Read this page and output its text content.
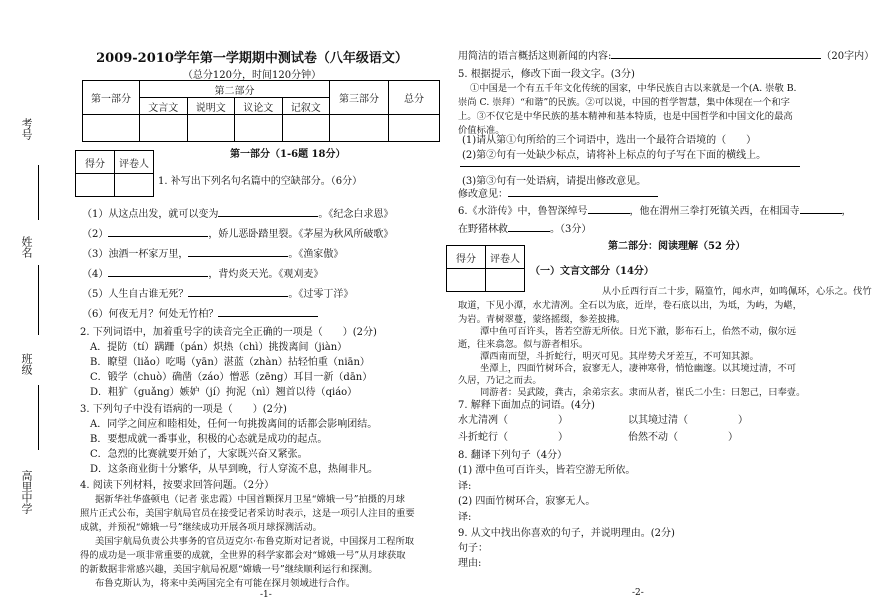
考号
姓名
班级
高里中学
2009-2010学年第一学期期中测试卷（八年级语文）
（总分120分，时间120分钟）
第一部分	第二部分				第三部分	总分
	文言文	说明文	议论文	记叙文		

第一部分（1-6题 18分）
得分	评卷人

1. 补写出下列名句名篇中的空缺部分。（6分）
（1）从这点出发，就可以变为	。《纪念白求恩》
（2）	，娇儿恶卧踏里裂。《茅屋为秋风所破歌》
（3）浊酒一杯家万里，	。《渔家傲》
（4）	，背灼炎天光。《观刈麦》
（5）人生自古谁无死？	。《过零丁洋》
（6）何夜无月？何处无竹柏？
2. 下列词语中，加着重号字的读音完全正确的一项是（　　）(2分)
A．提防（tí）蹒跚（pán）炽热（chì）挑拨离间（jiàn）
B．瞭望（liǎo）吃喝（yān）湛蓝（zhàn）拈轻怕重（niān）
C．锻学（chuò）确凿（záo）憎恶（zēng）耳目一新（dān）
D．粗犷（guǎng）嫉妒（jí）拘泥（nì）翘首以待（qiáo）
3. 下列句子中没有语病的一项是（　　）(2分)
A．同学之间应和睦相处，任何一句挑拨离间的话都会影响团结。
B．要想成就一番事业，积极的心态就是成功的起点。
C．急烈的比赛就要开始了，大家既兴奋又紧张。
D．这条商业街十分繁华，从早到晚，行人穿流不息，热闹非凡。
4. 阅读下列材料，按要求回答问题。（2分）
据新华社华盛顿电（记者 张忠霞）中国首颗探月卫星“嫦娥一号”拍摄的月球
照片正式公布，美国宇航局官员在接受记者采访时表示，这是一项引人注目的重要
成就，并预祝“嫦娥一号”继续成功开展各项月球探测活动。
美国宇航局负责公共事务的官员迈克尔·布鲁克斯对记者说，中国探月工程所取
得的成功是一项非常重要的成就，全世界的科学家都会对“嫦娥一号”从月球获取
的新数据非常感兴趣，美国宇航局祝愿“嫦娥一号”继续顺利运行和探测。
布鲁克斯认为，将来中美两国完全有可能在探月领域进行合作。
-1-
用简洁的语言概括这则新闻的内容:	（20字内）
5. 根据提示，修改下面一段文字。(3分)
①中国是一个有五千年文化传统的国家，中华民族自古以来就是一个(A. 崇敬 B.
崇尚 C. 崇拜）“和谐”的民族。②可以说，中国的哲学智慧，集中体现在一个和字
上。③不仅它是中华民族的基本精神和基本特质，也是中国哲学和中国文化的最高
价值标准。
(1)请从第①句所给的三个词语中，选出一个最符合语境的（　　）
(2)第②句有一处缺少标点，请将补上标点的句子写在下面的横线上。
(3)第③句有一处语病，请提出修改意见。
修改意见：
6.《水浒传》中，鲁智深绰号	，他在渭州三拳打死镇关西，在相国寺	，
在野猪林救	。（3分）
第二部分：阅读理解（52 分）
得分	评卷人

（一）文言文部分（14分）
从小丘西行百二十步，隔篁竹，闻水声，如鸣佩环，心乐之。伐竹
取道，下见小潭，水尤清冽。全石以为底，近岸，卷石底以出，为坻，为屿，为嵁，
为岩。青树翠蔓，蒙络摇缀，参差披拂。
潭中鱼可百许头，皆若空游无所依。日光下澈，影布石上，佁然不动，俶尔远
逝，往来翕忽。似与游者相乐。
潭西南而望，斗折蛇行，明灭可见。其岸势犬牙差互，不可知其源。
坐潭上，四面竹树环合，寂寥无人，凄神寒骨，悄怆幽邃。以其境过清，不可
久居，乃记之而去。
同游者：吴武陵，龚古，余弟宗玄。隶而从者，崔氏二小生：曰恕己，曰奉壹。
7. 解释下面加点的词语。(4分)
水尤清冽（　　　　　）	以其境过清（　　　　　）
斗折蛇行（　　　　　）	佁然不动（　　　　　）
8. 翻译下列句子（4分）
(1) 潭中鱼可百许头，皆若空游无所依。
译:
(2) 四面竹树环合，寂寥无人。
译:
9. 从文中找出你喜欢的句子，并说明理由。(2分)
句子：
理由:
-2-
